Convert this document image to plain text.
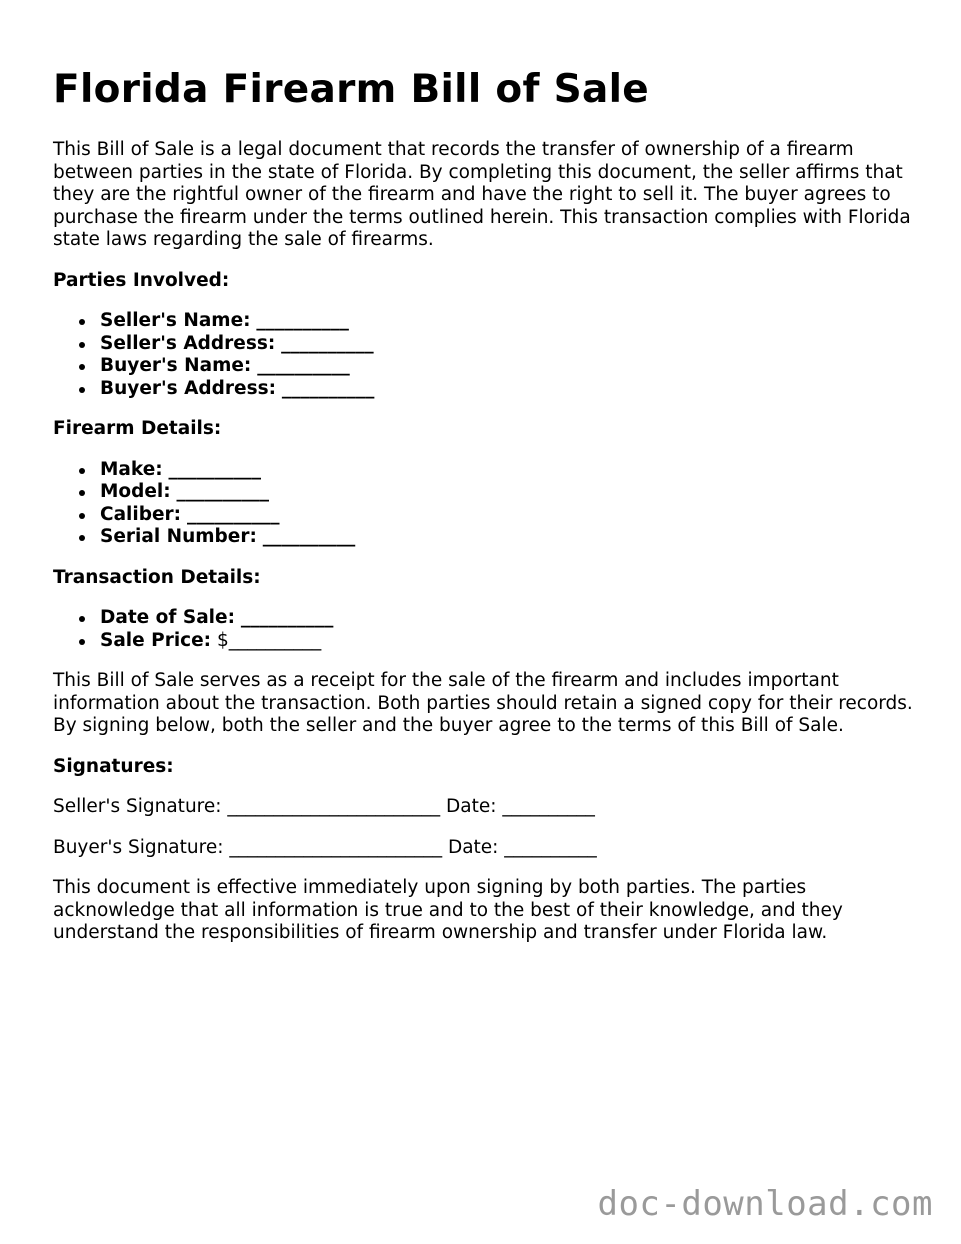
Florida Firearm Bill of Sale

This Bill of Sale is a legal document that records the transfer of ownership of a firearm between parties in the state of Florida. By completing this document, the seller affirms that they are the rightful owner of the firearm and have the right to sell it. The buyer agrees to purchase the firearm under the terms outlined herein. This transaction complies with Florida state laws regarding the sale of firearms.

Parties Involved:

Seller's Name: __________
Seller's Address: __________
Buyer's Name: __________
Buyer's Address: __________

Firearm Details:

Make: __________
Model: __________
Caliber: __________
Serial Number: __________

Transaction Details:

Date of Sale: __________
Sale Price: $__________

This Bill of Sale serves as a receipt for the sale of the firearm and includes important information about the transaction. Both parties should retain a signed copy for their records. By signing below, both the seller and the buyer agree to the terms of this Bill of Sale.

Signatures:

Seller's Signature: _______________________ Date: __________

Buyer's Signature: _______________________ Date: __________

This document is effective immediately upon signing by both parties. The parties acknowledge that all information is true and to the best of their knowledge, and they understand the responsibilities of firearm ownership and transfer under Florida law.

doc-download.com
